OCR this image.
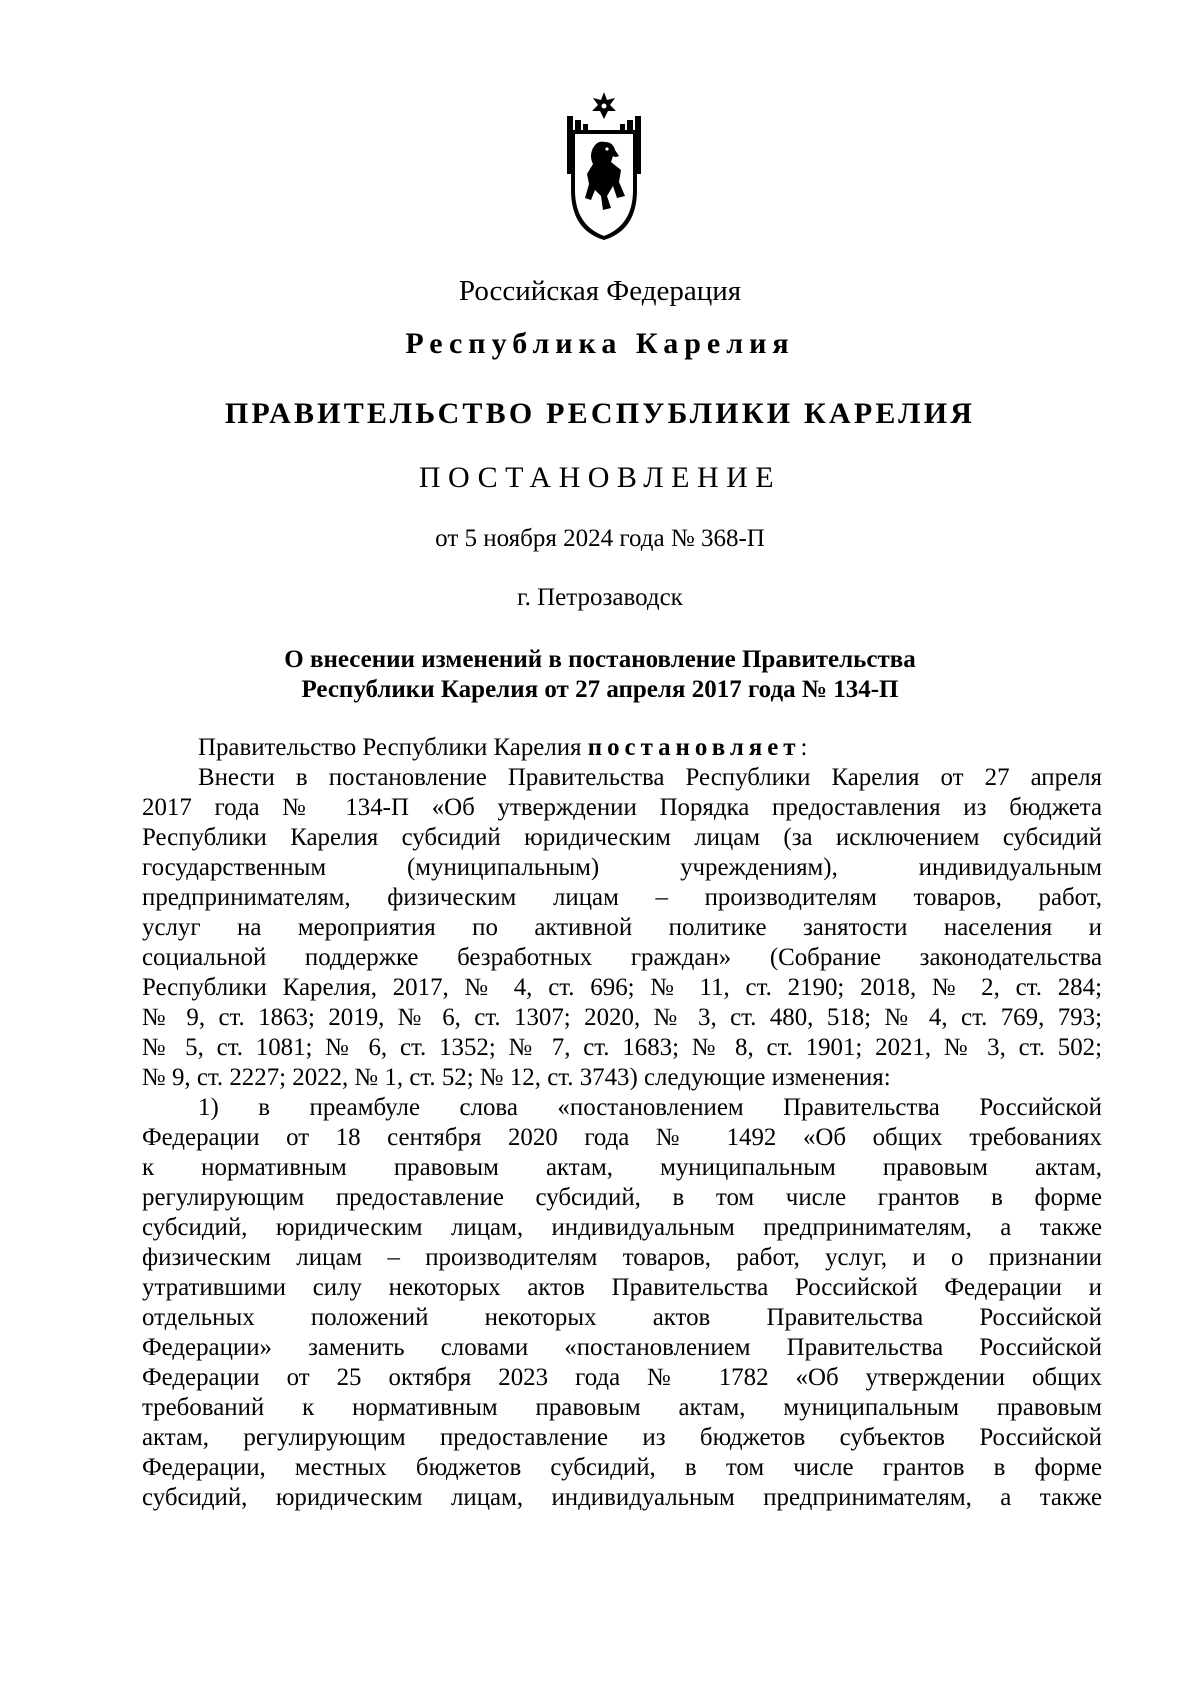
Российская Федерация
Республика Карелия
ПРАВИТЕЛЬСТВО РЕСПУБЛИКИ КАРЕЛИЯ
ПОСТАНОВЛЕНИЕ
от 5 ноября 2024 года № 368-П
г. Петрозаводск
О внесении изменений в постановление Правительства
Республики Карелия от 27 апреля 2017 года № 134-П

Правительство Республики Карелия постановляет:

Внести в постановление Правительства Республики Карелия от 27 апреля
2017 года № 134-П «Об утверждении Порядка предоставления из бюджета
Республики Карелия субсидий юридическим лицам (за исключением субсидий
государственным (муниципальным) учреждениям), индивидуальным
предпринимателям, физическим лицам – производителям товаров, работ,
услуг на мероприятия по активной политике занятости населения и
социальной поддержке безработных граждан» (Собрание законодательства
Республики Карелия, 2017, № 4, ст. 696; № 11, ст. 2190; 2018, № 2, ст. 284;
№ 9, ст. 1863; 2019, № 6, ст. 1307; 2020, № 3, ст. 480, 518; № 4, ст. 769, 793;
№ 5, ст. 1081; № 6, ст. 1352; № 7, ст. 1683; № 8, ст. 1901; 2021, № 3, ст. 502;
№ 9, ст. 2227; 2022, № 1, ст. 52; № 12, ст. 3743) следующие изменения:

1) в преамбуле слова «постановлением Правительства Российской
Федерации от 18 сентября 2020 года № 1492 «Об общих требованиях
к нормативным правовым актам, муниципальным правовым актам,
регулирующим предоставление субсидий, в том числе грантов в форме
субсидий, юридическим лицам, индивидуальным предпринимателям, а также
физическим лицам – производителям товаров, работ, услуг, и о признании
утратившими силу некоторых актов Правительства Российской Федерации и
отдельных положений некоторых актов Правительства Российской
Федерации» заменить словами «постановлением Правительства Российской
Федерации от 25 октября 2023 года № 1782 «Об утверждении общих
требований к нормативным правовым актам, муниципальным правовым
актам, регулирующим предоставление из бюджетов субъектов Российской
Федерации, местных бюджетов субсидий, в том числе грантов в форме
субсидий, юридическим лицам, индивидуальным предпринимателям, а также
